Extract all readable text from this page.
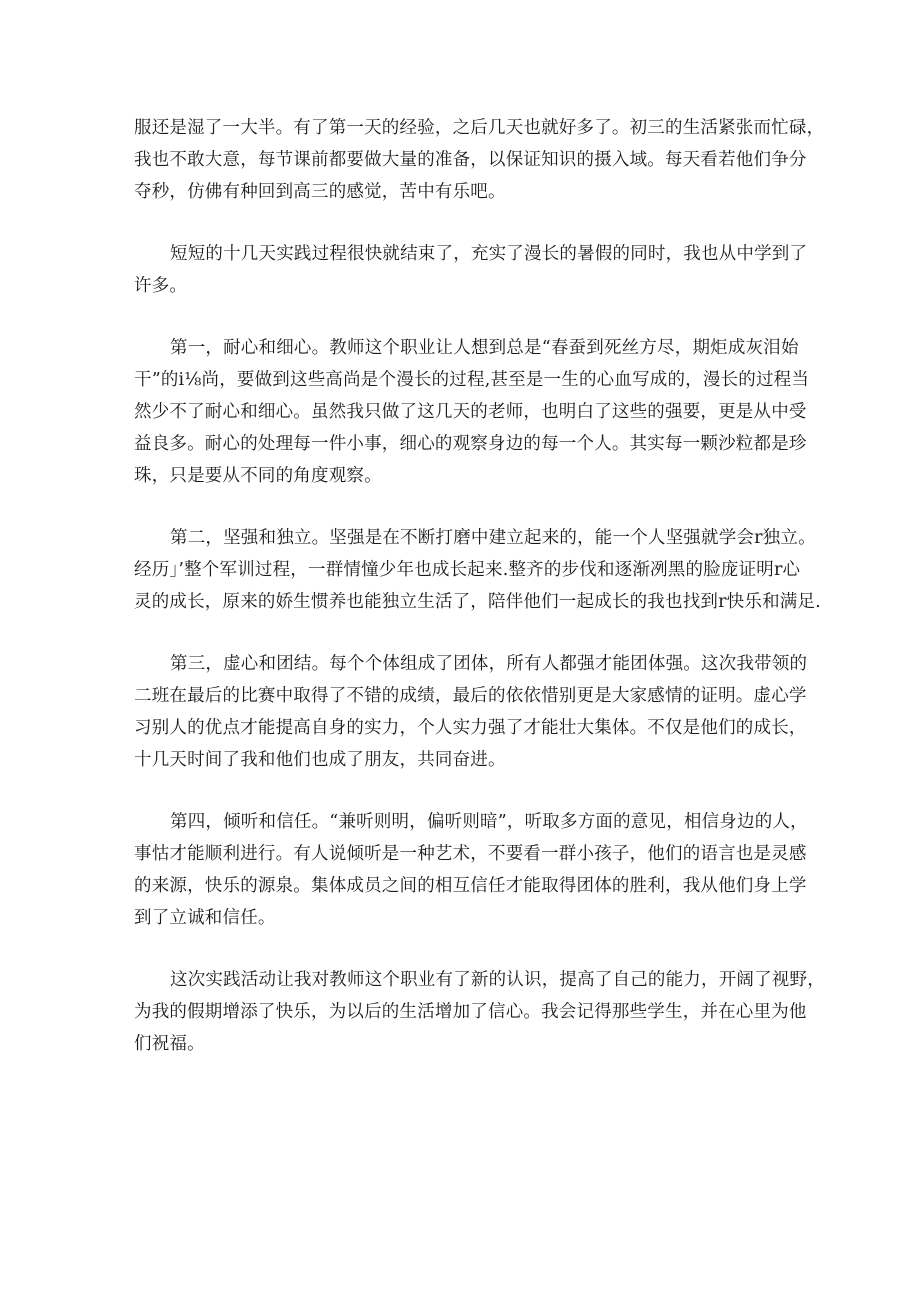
服还是湿了一大半。有了第一天的经验，之后几天也就好多了。初三的生活紧张而忙碌，
我也不敢大意，每节课前都要做大量的准备，以保证知识的摄入域。每天看若他们争分
夺秒，仿佛有种回到高三的感觉，苦中有乐吧。
短短的十几天实践过程很快就结束了，充实了漫长的暑假的同时，我也从中学到了
许多。
第一，耐心和细心。教师这个职业让人想到总是“春蚕到死丝方尽，期炬成灰泪始
干”的i⅛尚，要做到这些高尚是个漫长的过程,甚至是一生的心血写成的，漫长的过程当
然少不了耐心和细心。虽然我只做了这几天的老师，也明白了这些的强要，更是从中受
益良多。耐心的处理每一件小事，细心的观察身边的每一个人。其实每一颗沙粒都是珍
珠，只是要从不同的角度观察。
第二，坚强和独立。坚强是在不断打磨中建立起来的，能一个人坚强就学会r独立。
经历」’整个军训过程，一群情憧少年也成长起来.整齐的步伐和逐渐冽黑的脸庞证明r心
灵的成长，原来的娇生惯养也能独立生活了，陪伴他们一起成长的我也找到r快乐和满足.
第三，虚心和团结。每个个体组成了团体，所有人都强才能团体强。这次我带领的
二班在最后的比赛中取得了不错的成绩，最后的依依惜别更是大家感情的证明。虚心学
习别人的优点才能提高自身的实力，个人实力强了才能壮大集体。不仅是他们的成长，
十几天时间了我和他们也成了朋友，共同奋进。
第四，倾听和信任。“兼听则明，偏听则暗”，听取多方面的意见，相信身边的人，
事怙才能顺利进行。有人说倾听是一种艺术，不要看一群小孩子，他们的语言也是灵感
的来源，快乐的源泉。集体成员之间的相互信任才能取得团体的胜利，我从他们身上学
到了立诚和信任。
这次实践活动让我对教师这个职业有了新的认识，提高了自己的能力，开阔了视野，
为我的假期增添了快乐，为以后的生活增加了信心。我会记得那些学生，并在心里为他
们祝福。
